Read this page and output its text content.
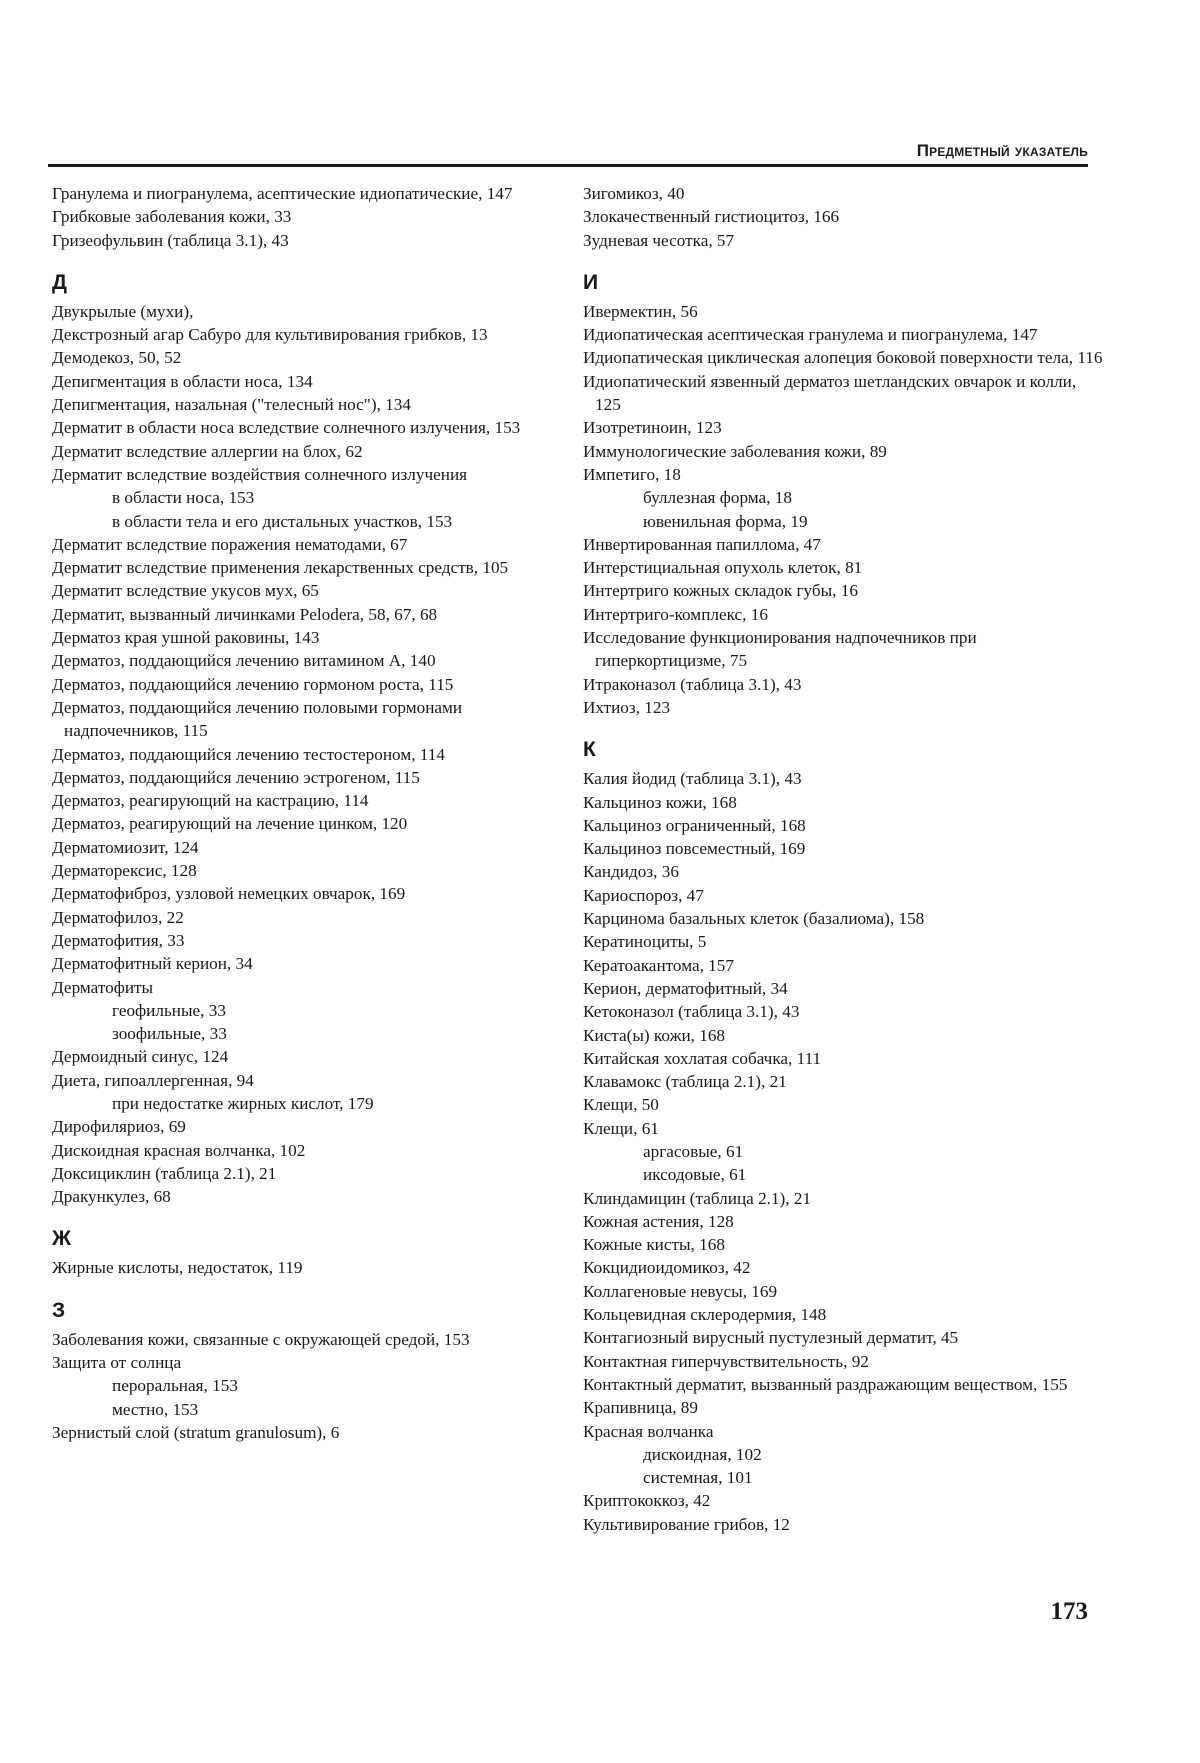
Предметный указатель
Гранулема и пиогранулема, асептические идиопатические, 147
Грибковые заболевания кожи, 33
Гризеофульвин (таблица 3.1), 43
Д
Двукрылые (мухи),
Декстрозный агар Сабуро для культивирования грибков, 13
Демодекоз, 50, 52
Депигментация в области носа, 134
Депигментация, назальная ("телесный нос"), 134
Дерматит в области носа вследствие солнечного излучения, 153
Дерматит вследствие аллергии на блох, 62
Дерматит вследствие воздействия солнечного излучения
в области носа, 153
в области тела и его дистальных участков, 153
Дерматит вследствие поражения нематодами, 67
Дерматит вследствие применения лекарственных средств, 105
Дерматит вследствие укусов мух, 65
Дерматит, вызванный личинками Pelodera, 58, 67, 68
Дерматоз края ушной раковины, 143
Дерматоз, поддающийся лечению витамином А, 140
Дерматоз, поддающийся лечению гормоном роста, 115
Дерматоз, поддающийся лечению половыми гормонами надпочечников, 115
Дерматоз, поддающийся лечению тестостероном, 114
Дерматоз, поддающийся лечению эстрогеном, 115
Дерматоз, реагирующий на кастрацию, 114
Дерматоз, реагирующий на лечение цинком, 120
Дерматомиозит, 124
Дерматорексис, 128
Дерматофиброз, узловой немецких овчарок, 169
Дерматофилоз, 22
Дерматофития, 33
Дерматофитный керион, 34
Дерматофиты
геофильные, 33
зоофильные, 33
Дермоидный синус, 124
Диета, гипоаллергенная, 94
при недостатке жирных кислот, 179
Дирофиляриоз, 69
Дискоидная красная волчанка, 102
Доксициклин (таблица 2.1), 21
Дракункулез, 68
Ж
Жирные кислоты, недостаток, 119
З
Заболевания кожи, связанные с окружающей средой, 153
Защита от солнца
пероральная, 153
местно, 153
Зернистый слой (stratum granulosum), 6
Зигомикоз, 40
Злокачественный гистиоцитоз, 166
Зудневая чесотка, 57
И
Ивермектин, 56
Идиопатическая асептическая гранулема и пиогранулема, 147
Идиопатическая циклическая алопеция боковой поверхности тела, 116
Идиопатический язвенный дерматоз шетландских овчарок и колли, 125
Изотретиноин, 123
Иммунологические заболевания кожи, 89
Импетиго, 18
буллезная форма, 18
ювенильная форма, 19
Инвертированная папиллома, 47
Интерстициальная опухоль клеток, 81
Интертриго кожных складок губы, 16
Интертриго-комплекс, 16
Исследование функционирования надпочечников при гиперкортицизме, 75
Итраконазол (таблица 3.1), 43
Ихтиоз, 123
К
Калия йодид (таблица 3.1), 43
Кальциноз кожи, 168
Кальциноз ограниченный, 168
Кальциноз повсеместный, 169
Кандидоз, 36
Кариоспороз, 47
Карцинома базальных клеток (базалиома), 158
Кератиноциты, 5
Кератоакантома, 157
Керион, дерматофитный, 34
Кетоконазол (таблица 3.1), 43
Киста(ы) кожи, 168
Китайская хохлатая собачка, 111
Клавамокс (таблица 2.1), 21
Клещи, 50
Клещи, 61
аргасовые, 61
иксодовые, 61
Клиндамицин (таблица 2.1), 21
Кожная астения, 128
Кожные кисты, 168
Кокцидиоидомикоз, 42
Коллагеновые невусы, 169
Кольцевидная склеродермия, 148
Контагиозный вирусный пустулезный дерматит, 45
Контактная гиперчувствительность, 92
Контактный дерматит, вызванный раздражающим веществом, 155
Крапивница, 89
Красная волчанка
дискоидная, 102
системная, 101
Криптококкоз, 42
Культивирование грибов, 12
173
